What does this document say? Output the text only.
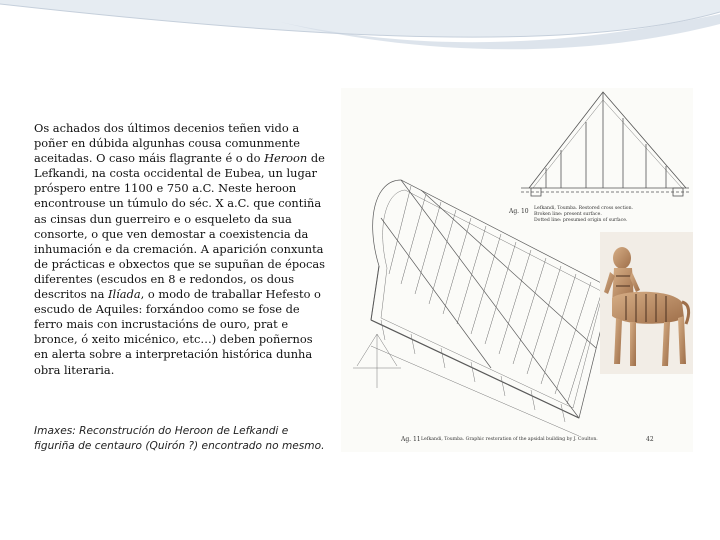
Os achados dos últimos decenios teñen vido a poñer en dúbida algunhas cousa comunmente aceitadas. O caso máis flagrante é o do Heroon de Lefkandi, na costa occidental de Eubea, un lugar próspero entre 1100 e 750 a.C. Neste heroon encontrouse un túmulo do séc. X a.C. que contiña as cinsas dun guerreiro e o esqueleto da sua consorte, o que ven demostar a coexistencia da inhumación e da cremación. A aparición conxunta de prácticas e obxectos que se supuñan de épocas diferentes (escudos en 8 e redondos, os dous descritos na Ilíada, o modo de traballar Hefesto o escudo de Aquiles: forxándoo como se fose de ferro mais con incrustacións de ouro, prat e bronce, ó xeito micénico, etc…) deben poñernos en alerta sobre a interpretación histórica dunha obra literaria.

Imaxes: Reconstrución do Heroon de Lefkandi e figuriña de centauro (Quirón ?) encontrado no mesmo.

Ag. 10 Lefkandi, Toumba. Restored cross section.
Broken line: present surface.
Dotted line: presumed origin of surface.
Ag. 11 Lefkandi, Toumba. Graphic restoration of the apsidal building by J. Coulton.	42
